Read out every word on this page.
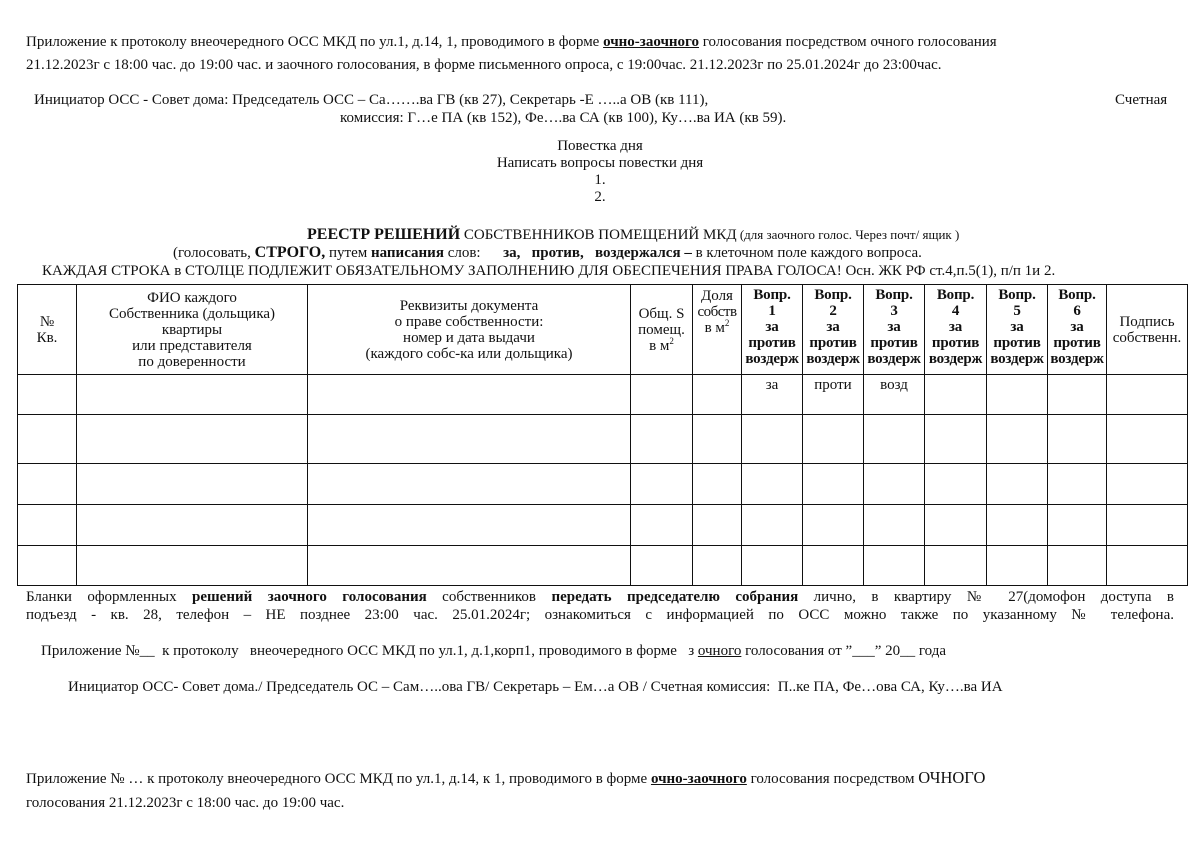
Приложение к протоколу внеочередного ОСС МКД по ул.1, д.14, 1, проводимого в форме очно-заочного голосования посредством очного голосования
21.12.2023г с 18:00 час. до 19:00 час. и заочного голосования, в форме письменного опроса, с 19:00час. 21.12.2023г по 25.01.2024г до 23:00час.
Инициатор ОСС - Совет дома: Председатель ОСС – Са…….ва ГВ (кв 27), Секретарь -Е …..а ОВ (кв 111),	Счетная
комиссия: Г…е ПА (кв 152), Фе….ва СА (кв 100), Ку….ва ИА (кв 59).
Повестка дня
Написать вопросы повестки дня
1.
2.
РЕЕСТР РЕШЕНИЙ СОБСТВЕННИКОВ ПОМЕЩЕНИЙ МКД (для заочного голос. Через почт/ ящик )
(голосовать, СТРОГО, путем написания слов:      за,   против,   воздержался – в клеточном поле каждого вопроса.
КАЖДАЯ СТРОКА в СТОЛЦЕ ПОДЛЕЖИТ ОБЯЗАТЕЛЬНОМУ ЗАПОЛНЕНИЮ ДЛЯ ОБЕСПЕЧЕНИЯ ПРАВА ГОЛОСА! Осн. ЖК РФ ст.4,п.5(1), п/п 1и 2.
№
Кв.

ФИО каждого
Собственника (дольщика)
квартиры
или представителя
по доверенности

Реквизиты документа
о праве собственности:
номер и дата выдачи
(каждого собс-ка или дольщика)

Общ. S
помещ.
в $м^2$

Доля
собств
в $м^2$

Вопр.
1
за
против
воздерж

Вопр.
2
за
против
воздерж

Вопр.
3
за
против
воздерж

Вопр.
4
за
против
воздерж

Вопр.
5
за
против
воздерж

Вопр.
6
за
против
воздерж

Подпись
собственн.

					за	проти	возд				

Бланки оформленных решений заочного голосования собственников передать председателю собрания лично, в квартиру № 27(домофон доступа в
подъезд - кв. 28, телефон – НЕ позднее 23:00 час. 25.01.2024г; ознакомиться с информацией по ОСС можно также по указанному № телефона.

Приложение №__  к протоколу   внеочередного ОСС МКД по ул.1, д.1,корп1, проводимого в форме   з очного голосования от ”___” 20__ года

Инициатор ОСС- Совет дома./ Председатель ОС – Сам…..ова ГВ/ Секретарь – Ем…а ОВ / Счетная комиссия:  П..ке ПА, Фе…ова СА, Ку….ва ИА
Приложение № … к протоколу внеочередного ОСС МКД по ул.1, д.14, к 1, проводимого в форме очно-заочного голосования посредством ОЧНОГО
голосования 21.12.2023г с 18:00 час. до 19:00 час.
